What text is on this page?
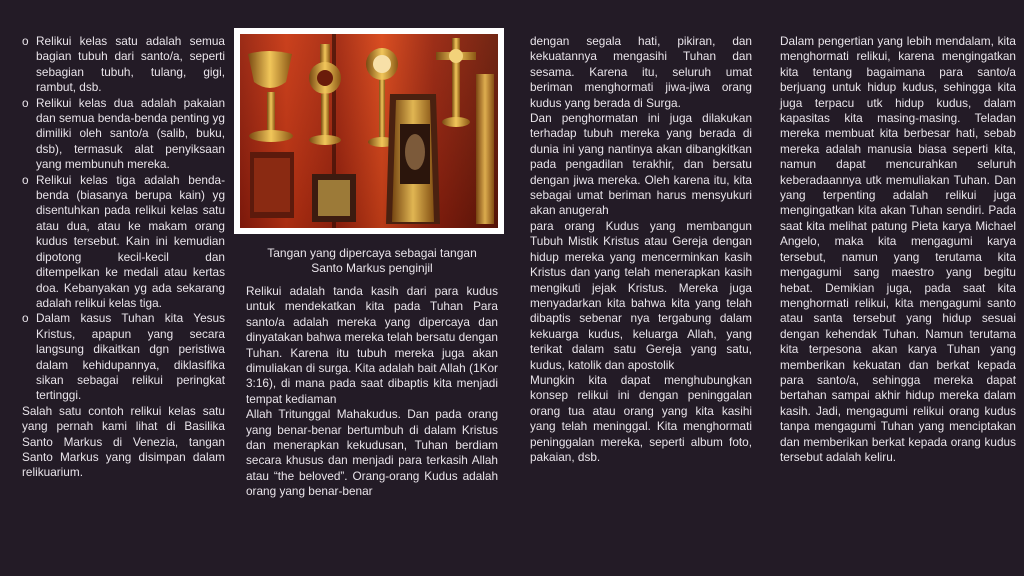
o Relikui kelas satu adalah semua bagian tubuh dari santo/a, seperti sebagian tubuh, tulang, gigi, rambut, dsb.
o Relikui kelas dua adalah pakaian dan semua benda-benda penting yg dimiliki oleh santo/a (salib, buku, dsb), termasuk alat penyiksaan yang membunuh mereka.
o Relikui kelas tiga adalah benda-benda (biasanya berupa kain) yg disentuhkan pada relikui kelas satu atau dua, atau ke makam orang kudus tersebut. Kain ini kemudian dipotong kecil-kecil dan ditempelkan ke medali atau kertas doa. Kebanyakan yg ada sekarang adalah relikui kelas tiga.
o Dalam kasus Tuhan kita Yesus Kristus, apapun yang secara langsung dikaitkan dgn peristiwa dalam kehidupannya, diklasifika sikan sebagai relikui peringkat tertinggi.

Salah satu contoh relikui kelas satu yang pernah kami lihat di Basilika Santo Markus di Venezia, tangan Santo Markus yang disimpan dalam relikuarium.

Tangan yang dipercaya sebagai tangan
Santo Markus penginjil

Relikui adalah tanda kasih dari para kudus untuk mendekatkan kita pada Tuhan Para santo/a adalah mereka yang dipercaya dan dinyatakan bahwa mereka telah bersatu dengan Tuhan. Karena itu tubuh mereka juga akan dimuliakan di surga. Kita adalah bait Allah (1Kor 3:16), di mana pada saat dibaptis kita menjadi tempat kediaman

Allah Tritunggal Mahakudus. Dan pada orang yang benar-benar bertumbuh di dalam Kristus dan menerapkan kekudusan, Tuhan berdiam secara khusus dan menjadi para terkasih Allah atau “the beloved”. Orang-orang Kudus adalah orang yang benar-benar

dengan segala hati, pikiran, dan kekuatannya mengasihi Tuhan dan sesama. Karena itu, seluruh umat beriman menghormati jiwa-jiwa orang kudus yang berada di Surga.

Dan penghormatan ini juga dilakukan terhadap tubuh mereka yang berada di dunia ini yang nantinya akan dibangkitkan pada pengadilan terakhir, dan bersatu dengan jiwa mereka. Oleh karena itu, kita sebagai umat beriman harus mensyukuri akan anugerah

para orang Kudus yang membangun Tubuh Mistik Kristus atau Gereja dengan hidup mereka yang mencerminkan kasih Kristus dan yang telah menerapkan kasih mengikuti jejak Kristus. Mereka juga menyadarkan kita bahwa kita yang telah dibaptis sebenar nya tergabung dalam kekuarga kudus, keluarga Allah, yang terikat dalam satu Gereja yang satu, kudus, katolik dan apostolik

Mungkin kita dapat menghubungkan konsep relikui ini dengan peninggalan orang tua atau orang yang kita kasihi yang telah meninggal. Kita menghormati peninggalan mereka, seperti album foto, pakaian, dsb.

Dalam pengertian yang lebih mendalam, kita menghormati relikui, karena mengingatkan kita tentang bagaimana para santo/a berjuang untuk hidup kudus, sehingga kita juga terpacu utk hidup kudus, dalam kapasitas kita masing-masing. Teladan mereka membuat kita berbesar hati, sebab mereka adalah manusia biasa seperti kita, namun dapat mencurahkan seluruh keberadaannya utk memuliakan Tuhan. Dan yang terpenting adalah relikui juga mengingatkan kita akan Tuhan sendiri. Pada saat kita melihat patung Pieta karya Michael Angelo, maka kita mengagumi karya tersebut, namun yang terutama kita mengagumi sang maestro yang begitu hebat. Demikian juga, pada saat kita menghormati relikui, kita mengagumi santo atau santa tersebut yang hidup sesuai dengan kehendak Tuhan. Namun terutama kita terpesona akan karya Tuhan yang memberikan kekuatan dan berkat kepada para santo/a, sehingga mereka dapat bertahan sampai akhir hidup mereka dalam kasih. Jadi, mengagumi relikui orang kudus tanpa mengagumi Tuhan yang menciptakan dan memberikan berkat kepada orang kudus tersebut adalah keliru.
